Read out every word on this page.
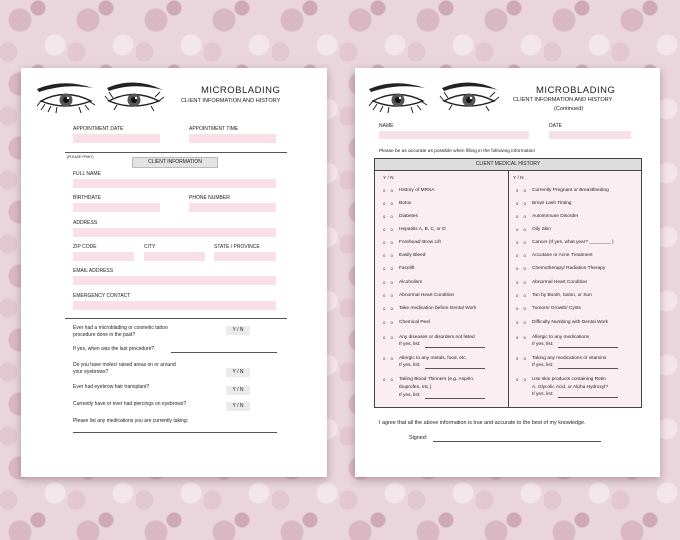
MICROBLADING
CLIENT INFORMATION AND HISTORY
APPOINTMENT DATE	APPOINTMENT TIME
(PLEASE PRINT)
CLIENT INFORMATION
FULL NAME
BIRTHDATE	PHONE NUMBER
ADDRESS
ZIP CODE	CITY	STATE / PROVINCE
EMAIL ADDRESS
EMERGENCY CONTACT
Ever had a microblading or cosmetic tattoo
procedure done in the past?
Y / N
If yes, when was the last procedure?
Do you have moles/ raised areas on or around
your eyebrows?	Y / N
Ever had eyebrow hair transplant?	Y / N
Currently have or ever had piercings on eyebrows?	Y / N
Please list any medications you are currently taking:
MICROBLADING
CLIENT INFORMATION AND HISTORY
(Continued)
NAME	DATE
Please be as accurate as possible when filling in the following information
CLIENT MEDICAL HISTORY
Y / N	Y / N
o o History of MRSA
o o Botox
o o Diabetes
o o Hepatitis A, B, C, or D
o o Forehead/ Brow Lift
o o Easily Bleed
o o Facelift
o o Alcoholism
o o Abnormal Heart Condition
o o Take medication before Dental Work
o o Chemical Peel
o o Any diseases or disorders not listed
If yes, list:
o o Allergic to any metals, food, etc.
If yes, list:
o o Taking Blood Thinners (e.g. Aspirin,
Ibuprofen, etc.)
If yes, list:
o o Currently Pregnant or Breastfeeding
o o Brow/ Lash Tinting
o o Autoimmune Disorder
o o Oily Skin
o o Cancer (If yes, what year? ________ )
o o Accutane or Acne Treatment
o o Chemotherapy/ Radiation Therapy
o o Abnormal Heart Condition
o o Tan by Booth, Salon, or Sun
o o Tumors/ Growth/ Cysts
o o Difficulty Numbing with Dental Work
o o Allergic to any medications
If yes, list:
o o Taking any medications or vitamins
If yes, list:
o o Use skin products containing Retin
A, Glycolic Acid, or Alpha Hydroxyl?
If yes, list:
I agree that all the above information is true and accurate to the best of my knowledge.
Signed:
